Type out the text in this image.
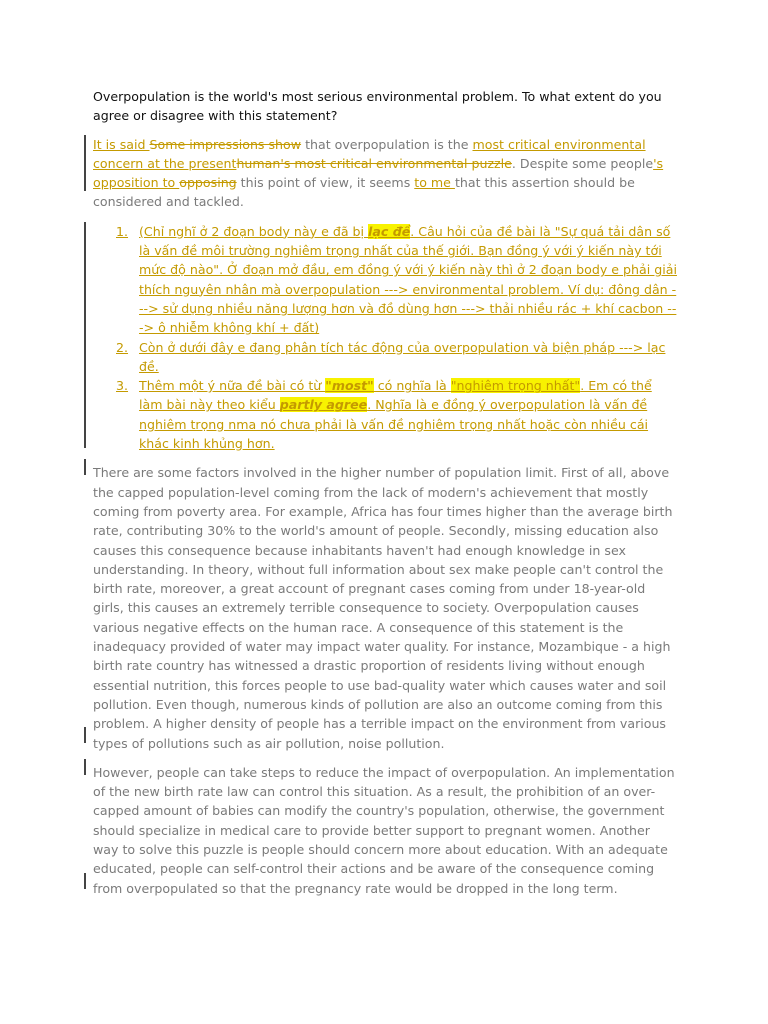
Overpopulation is the world's most serious environmental problem. To what extent do you agree or disagree with this statement?

It is said Some impressions show that overpopulation is the most critical environmental concern at the presenthuman's most critical environmental puzzle. Despite some people's opposition to opposing this point of view, it seems to me that this assertion should be considered and tackled.

1. (Chỉ nghĩ ở 2 đoạn body này e đã bị lạc đề. Câu hỏi của đề bài là "Sự quá tải dân số là vấn đề môi trường nghiêm trọng nhất của thế giới. Bạn đồng ý với ý kiến này tới mức độ nào". Ở đoạn mở đầu, em đồng ý với ý kiến này thì ở 2 đoạn body e phải giải thích nguyên nhân mà overpopulation ---> environmental problem. Ví dụ: đông dân ---> sử dụng nhiều năng lượng hơn và đồ dùng hơn ---> thải nhiều rác + khí cacbon ---> ô nhiễm không khí + đất)
2. Còn ở dưới đây e đang phân tích tác động của overpopulation và biện pháp ---> lạc đề.
3. Thêm một ý nữa đề bài có từ "most" có nghĩa là "nghiêm trọng nhất". Em có thể làm bài này theo kiểu partly agree. Nghĩa là e đồng ý overpopulation là vấn đề nghiêm trọng nma nó chưa phải là vấn đề nghiêm trọng nhất hoặc còn nhiều cái khác kinh khủng hơn.

There are some factors involved in the higher number of population limit. First of all, above the capped population-level coming from the lack of modern's achievement that mostly coming from poverty area. For example, Africa has four times higher than the average birth rate, contributing 30% to the world's amount of people. Secondly, missing education also causes this consequence because inhabitants haven't had enough knowledge in sex understanding. In theory, without full information about sex make people can't control the birth rate, moreover, a great account of pregnant cases coming from under 18-year-old girls, this causes an extremely terrible consequence to society. Overpopulation causes various negative effects on the human race. A consequence of this statement is the inadequacy provided of water may impact water quality. For instance, Mozambique - a high birth rate country has witnessed a drastic proportion of residents living without enough essential nutrition, this forces people to use bad-quality water which causes water and soil pollution. Even though, numerous kinds of pollution are also an outcome coming from this problem. A higher density of people has a terrible impact on the environment from various types of pollutions such as air pollution, noise pollution.

However, people can take steps to reduce the impact of overpopulation. An implementation of the new birth rate law can control this situation. As a result, the prohibition of an over-capped amount of babies can modify the country's population, otherwise, the government should specialize in medical care to provide better support to pregnant women. Another way to solve this puzzle is people should concern more about education. With an adequate educated, people can self-control their actions and be aware of the consequence coming from overpopulated so that the pregnancy rate would be dropped in the long term.
